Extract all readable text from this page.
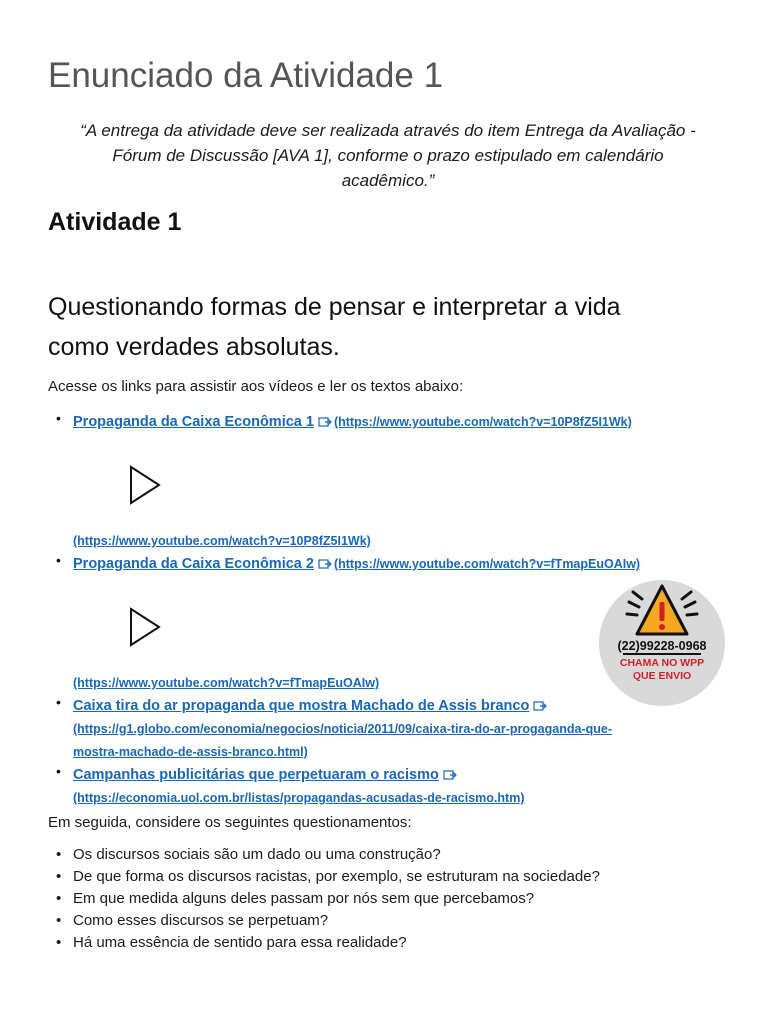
Enunciado da Atividade 1

“A entrega da atividade deve ser realizada através do item Entrega da Avaliação -
Fórum de Discussão [AVA 1], conforme o prazo estipulado em calendário
acadêmico.”

Atividade 1

Questionando formas de pensar e interpretar a vida
como verdades absolutas.

Acesse os links para assistir aos vídeos e ler os textos abaixo:

• Propaganda da Caixa Econômica 1 (https://www.youtube.com/watch?v=10P8fZ5I1Wk)
(https://www.youtube.com/watch?v=10P8fZ5I1Wk)
• Propaganda da Caixa Econômica 2 (https://www.youtube.com/watch?v=fTmapEuOAIw)
(https://www.youtube.com/watch?v=fTmapEuOAIw)
• Caixa tira do ar propaganda que mostra Machado de Assis branco
(https://g1.globo.com/economia/negocios/noticia/2011/09/caixa-tira-do-ar-progaganda-que-
mostra-machado-de-assis-branco.html)
• Campanhas publicitárias que perpetuaram o racismo
(https://economia.uol.com.br/listas/propagandas-acusadas-de-racismo.htm)

Em seguida, considere os seguintes questionamentos:

• Os discursos sociais são um dado ou uma construção?
• De que forma os discursos racistas, por exemplo, se estruturam na sociedade?
• Em que medida alguns deles passam por nós sem que percebamos?
• Como esses discursos se perpetuam?
• Há uma essência de sentido para essa realidade?
(22)99228-0968
CHAMA NO WPP
QUE ENVIO
